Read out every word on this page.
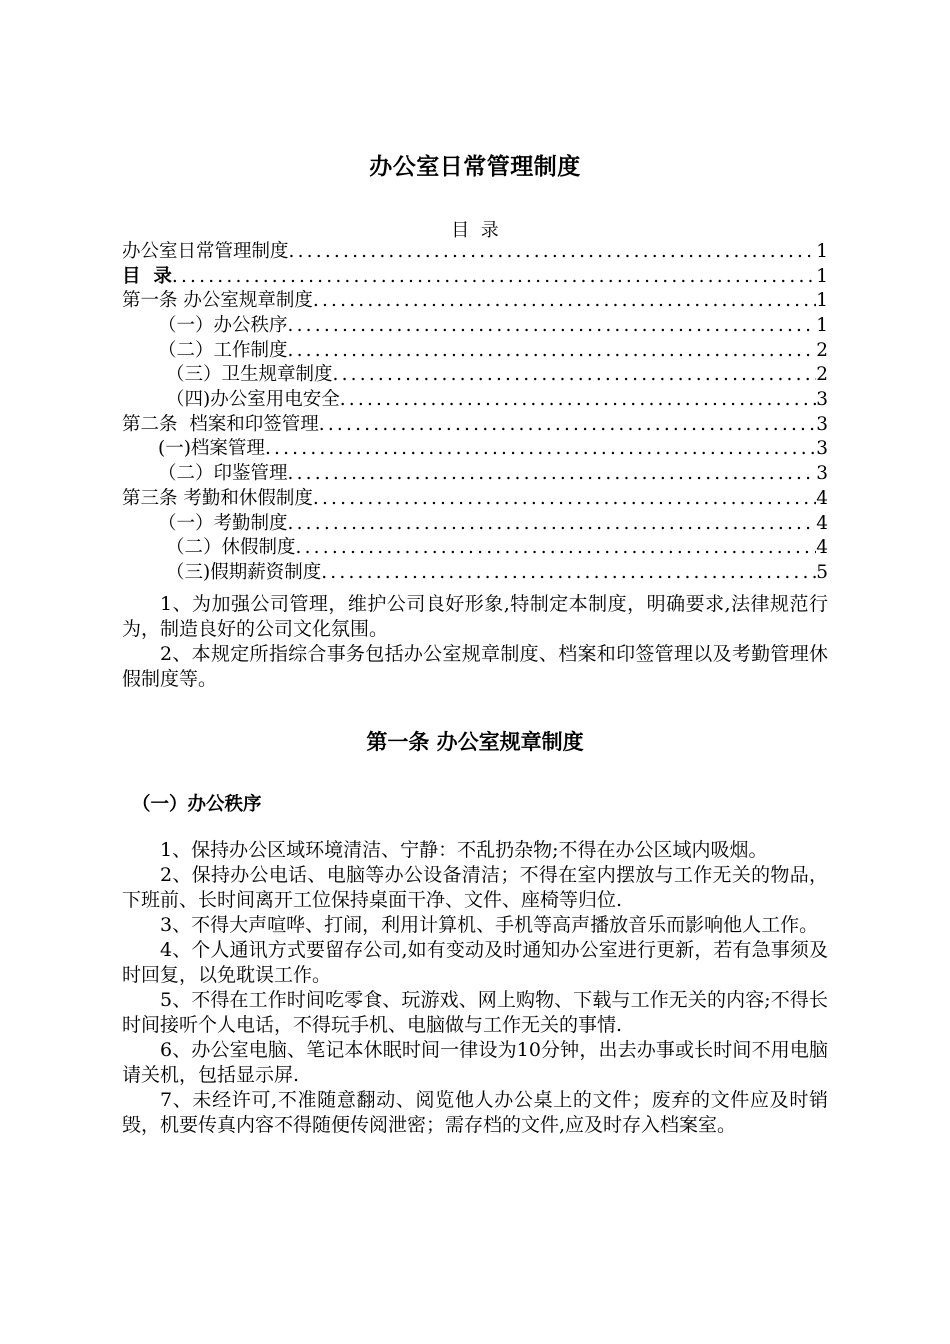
办公室日常管理制度
目  录
办公室日常管理制度 .....	1
目  录 .....	1
第一条 办公室规章制度 .....	1
（一）办公秩序 .....	1
（二）工作制度 .....	2
（三）卫生规章制度 .....	2
（四)办公室用电安全 .....	3
第二条  档案和印签管理 .....	3
(一)档案管理 .....	3
（二）印鉴管理 .....	3
第三条 考勤和休假制度 .....	4
（一）考勤制度 .....	4
（二）休假制度 .....	4
（三)假期薪资制度 .....	5

1、为加强公司管理，维护公司良好形象,特制定本制度，明确要求,法律规范行为，制造良好的公司文化氛围。

2、本规定所指综合事务包括办公室规章制度、档案和印签管理以及考勤管理休假制度等。

第一条 办公室规章制度
（一）办公秩序

1、保持办公区域环境清洁、宁静：不乱扔杂物;不得在办公区域内吸烟。

2、保持办公电话、电脑等办公设备清洁；不得在室内摆放与工作无关的物品，下班前、长时间离开工位保持桌面干净、文件、座椅等归位.

3、不得大声喧哗、打闹，利用计算机、手机等高声播放音乐而影响他人工作。

4、个人通讯方式要留存公司,如有变动及时通知办公室进行更新，若有急事须及时回复，以免耽误工作。

5、不得在工作时间吃零食、玩游戏、网上购物、下载与工作无关的内容;不得长时间接听个人电话，不得玩手机、电脑做与工作无关的事情.

6、办公室电脑、笔记本休眠时间一律设为10分钟，出去办事或长时间不用电脑请关机，包括显示屏.

7、未经许可,不准随意翻动、阅览他人办公桌上的文件；废弃的文件应及时销毁，机要传真内容不得随便传阅泄密；需存档的文件,应及时存入档案室。
